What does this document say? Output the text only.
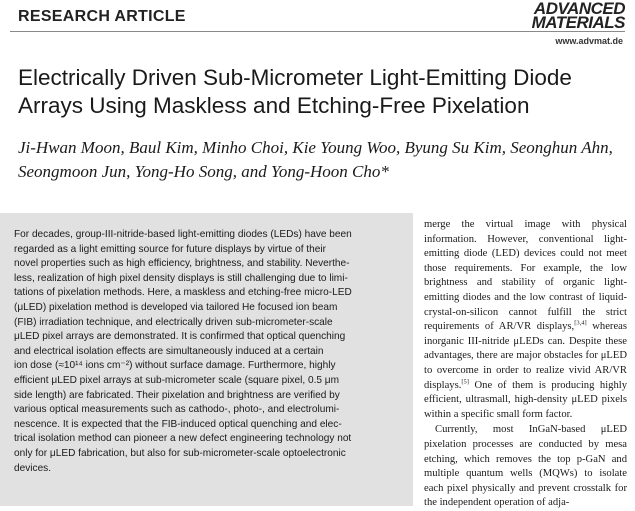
RESEARCH ARTICLE	ADVANCED
MATERIALS
www.advmat.de
Electrically Driven Sub-Micrometer Light-Emitting Diode
Arrays Using Maskless and Etching-Free Pixelation
Ji-Hwan Moon, Baul Kim, Minho Choi, Kie Young Woo, Byung Su Kim, Seonghun Ahn,
Seongmoon Jun, Yong-Ho Song, and Yong-Hoon Cho*
For decades, group-III-nitride-based light-emitting diodes (LEDs) have been
regarded as a light emitting source for future displays by virtue of their
novel properties such as high efficiency, brightness, and stability. Neverthe-
less, realization of high pixel density displays is still challenging due to limi-
tations of pixelation methods. Here, a maskless and etching-free micro-LED
(μLED) pixelation method is developed via tailored He focused ion beam
(FIB) irradiation technique, and electrically driven sub-micrometer-scale
μLED pixel arrays are demonstrated. It is confirmed that optical quenching
and electrical isolation effects are simultaneously induced at a certain
ion dose (≈10¹⁴ ions cm⁻²) without surface damage. Furthermore, highly
efficient μLED pixel arrays at sub-micrometer scale (square pixel, 0.5 μm
side length) are fabricated. Their pixelation and brightness are verified by
various optical measurements such as cathodo-, photo-, and electrolumi-
nescence. It is expected that the FIB-induced optical quenching and elec-
trical isolation method can pioneer a new defect engineering technology not
only for μLED fabrication, but also for sub-micrometer-scale optoelectronic
devices.

merge the virtual image with physical information. However, conventional light-emitting diode (LED) devices could not meet those requirements. For example, the low brightness and stability of organic light-emitting diodes and the low contrast of liquid-crystal-on-silicon cannot fulfill the strict requirements of AR/VR displays,[3,4] whereas inorganic III-nitride μLEDs can. Despite these advantages, there are major obstacles for μLED to overcome in order to realize vivid AR/VR displays.[5] One of them is producing highly efficient, ultrasmall, high-density μLED pixels within a specific small form factor.

Currently, most InGaN-based μLED pixelation processes are conducted by mesa etching, which removes the top p-GaN and multiple quantum wells (MQWs) to isolate each pixel physically and prevent crosstalk for the independent operation of adja-
